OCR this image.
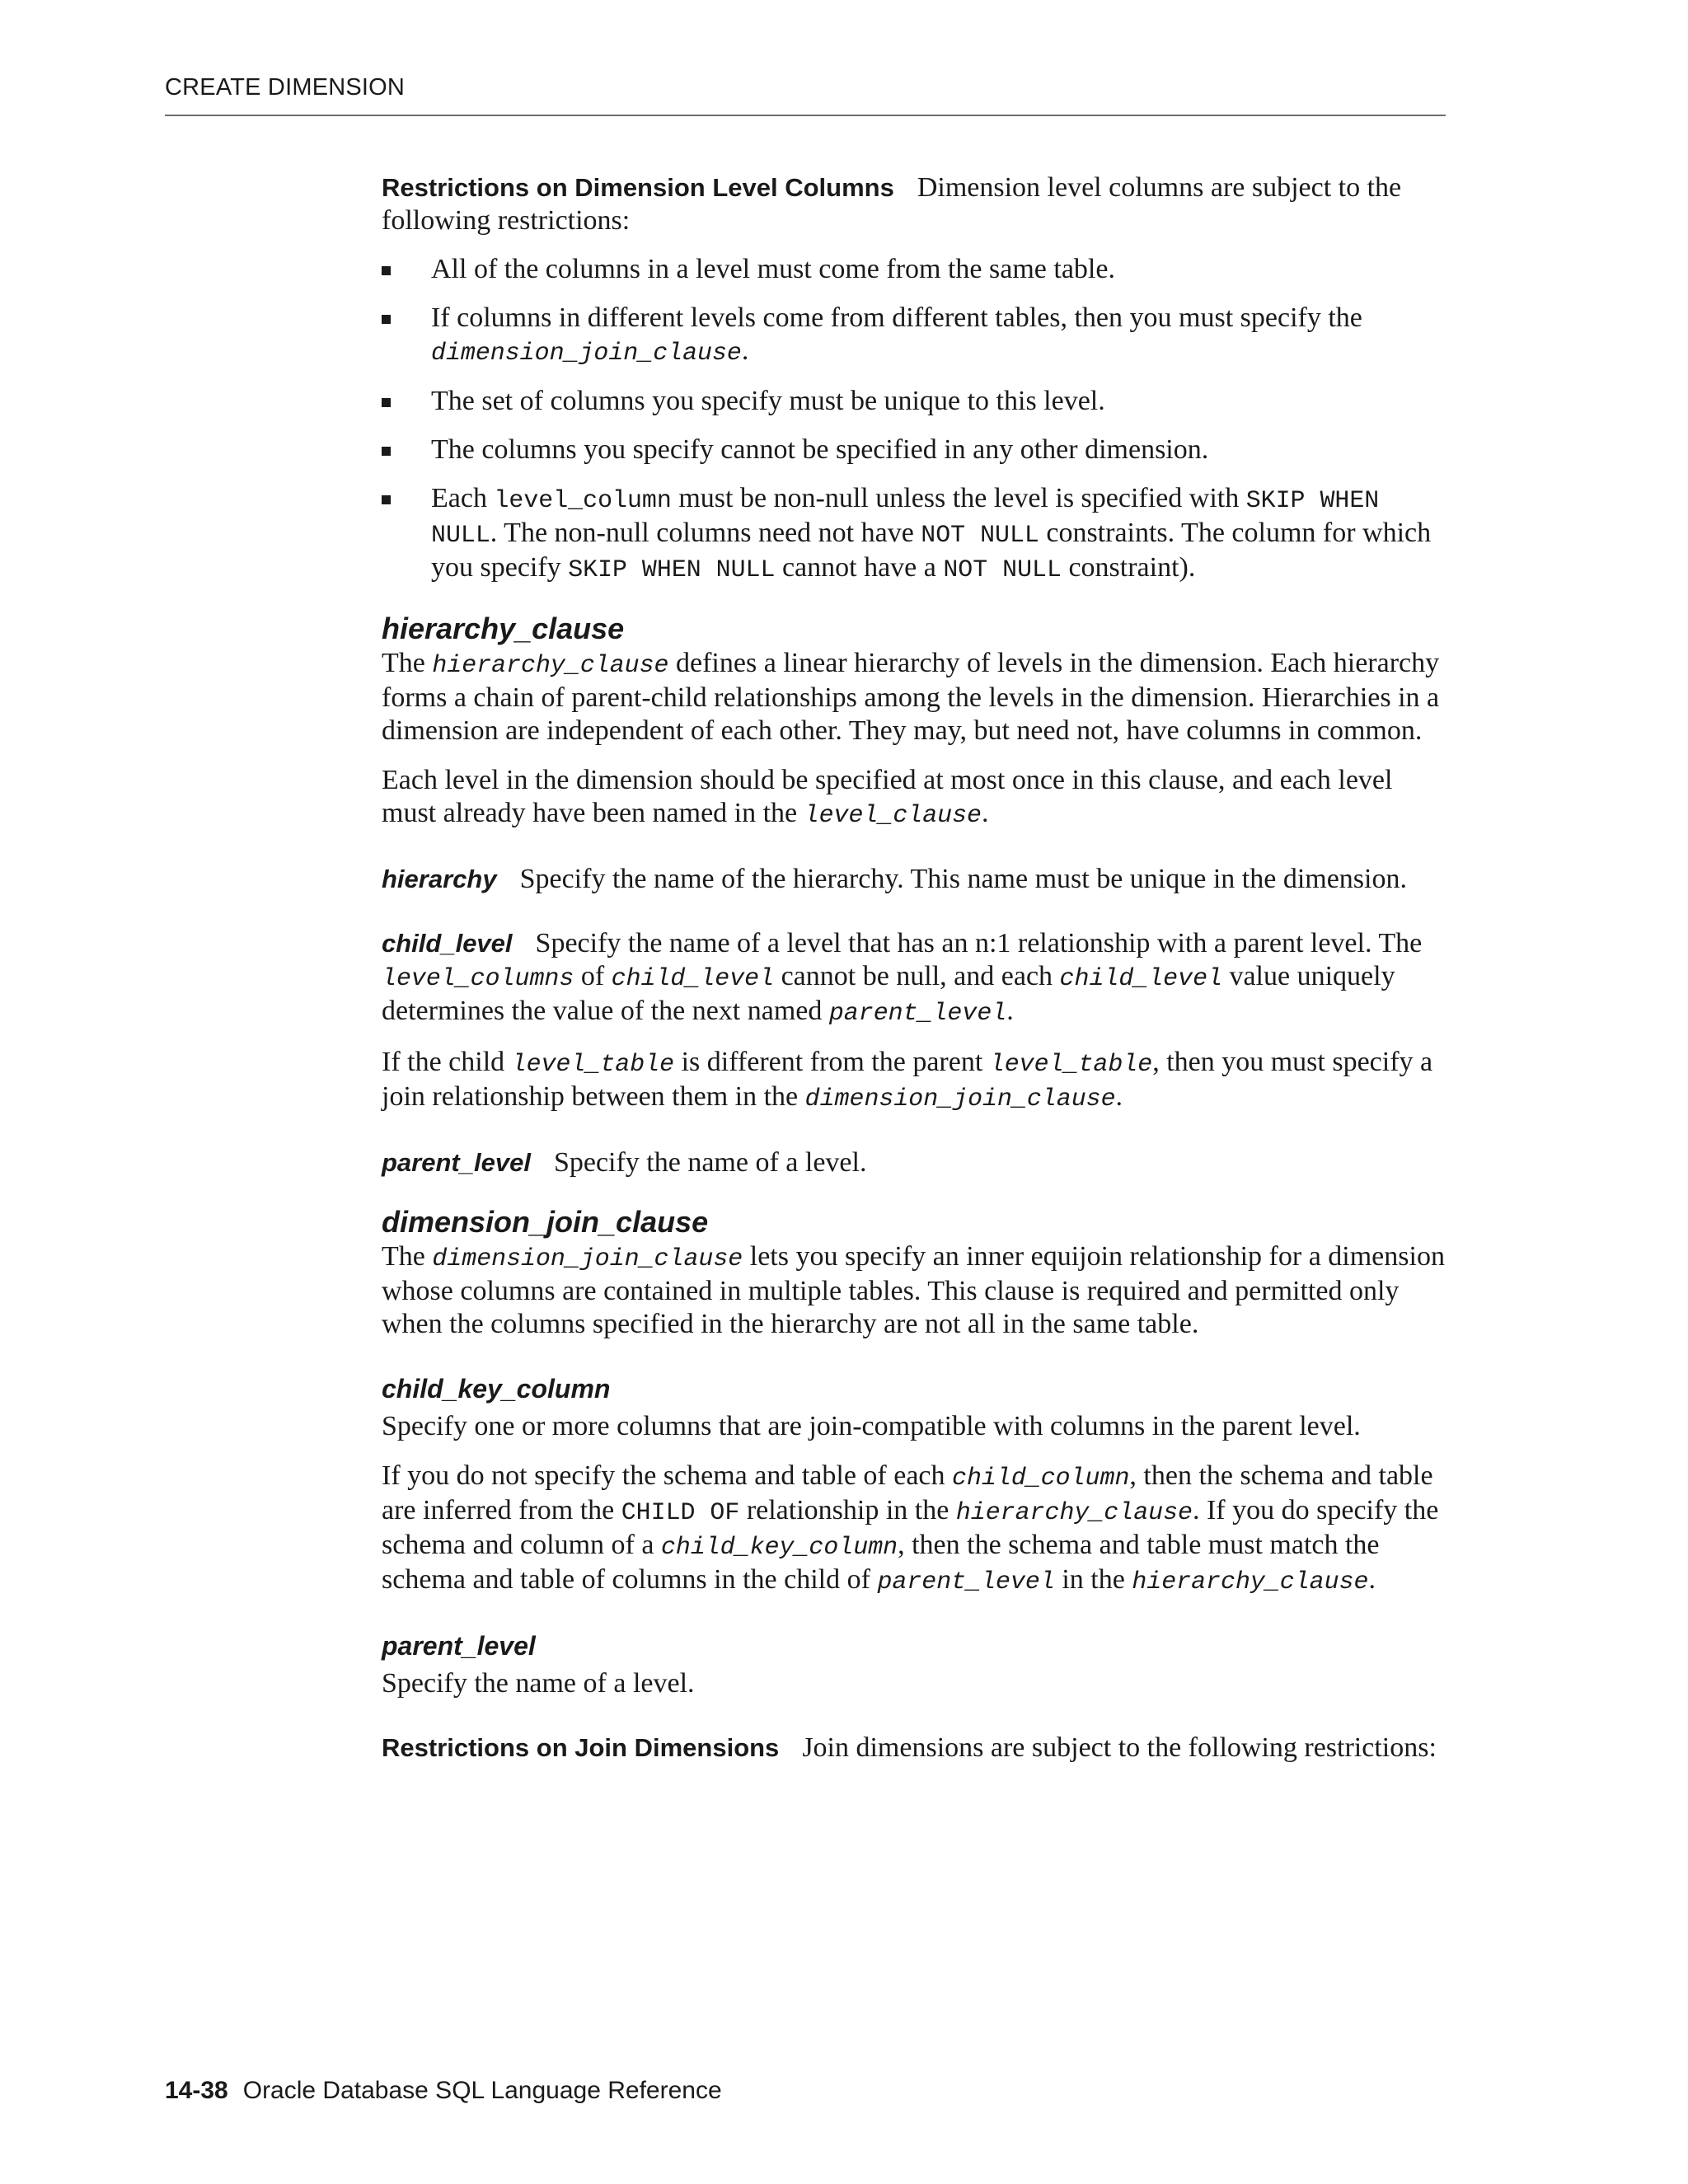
CREATE DIMENSION

Restrictions on Dimension Level Columns Dimension level columns are subject to the following restrictions:

All of the columns in a level must come from the same table.
If columns in different levels come from different tables, then you must specify the dimension_join_clause.
The set of columns you specify must be unique to this level.
The columns you specify cannot be specified in any other dimension.
Each level_column must be non-null unless the level is specified with SKIP WHEN NULL. The non-null columns need not have NOT NULL constraints. The column for which you specify SKIP WHEN NULL cannot have a NOT NULL constraint).
hierarchy_clause

The hierarchy_clause defines a linear hierarchy of levels in the dimension. Each hierarchy forms a chain of parent-child relationships among the levels in the dimension. Hierarchies in a dimension are independent of each other. They may, but need not, have columns in common.

Each level in the dimension should be specified at most once in this clause, and each level must already have been named in the level_clause.

hierarchy Specify the name of the hierarchy. This name must be unique in the dimension.

child_level Specify the name of a level that has an n:1 relationship with a parent level. The level_columns of child_level cannot be null, and each child_level value uniquely determines the value of the next named parent_level.

If the child level_table is different from the parent level_table, then you must specify a join relationship between them in the dimension_join_clause.

parent_level Specify the name of a level.

dimension_join_clause

The dimension_join_clause lets you specify an inner equijoin relationship for a dimension whose columns are contained in multiple tables. This clause is required and permitted only when the columns specified in the hierarchy are not all in the same table.

child_key_column

Specify one or more columns that are join-compatible with columns in the parent level.

If you do not specify the schema and table of each child_column, then the schema and table are inferred from the CHILD OF relationship in the hierarchy_clause. If you do specify the schema and column of a child_key_column, then the schema and table must match the schema and table of columns in the child of parent_level in the hierarchy_clause.

parent_level

Specify the name of a level.

Restrictions on Join Dimensions Join dimensions are subject to the following restrictions:

14-38 Oracle Database SQL Language Reference
